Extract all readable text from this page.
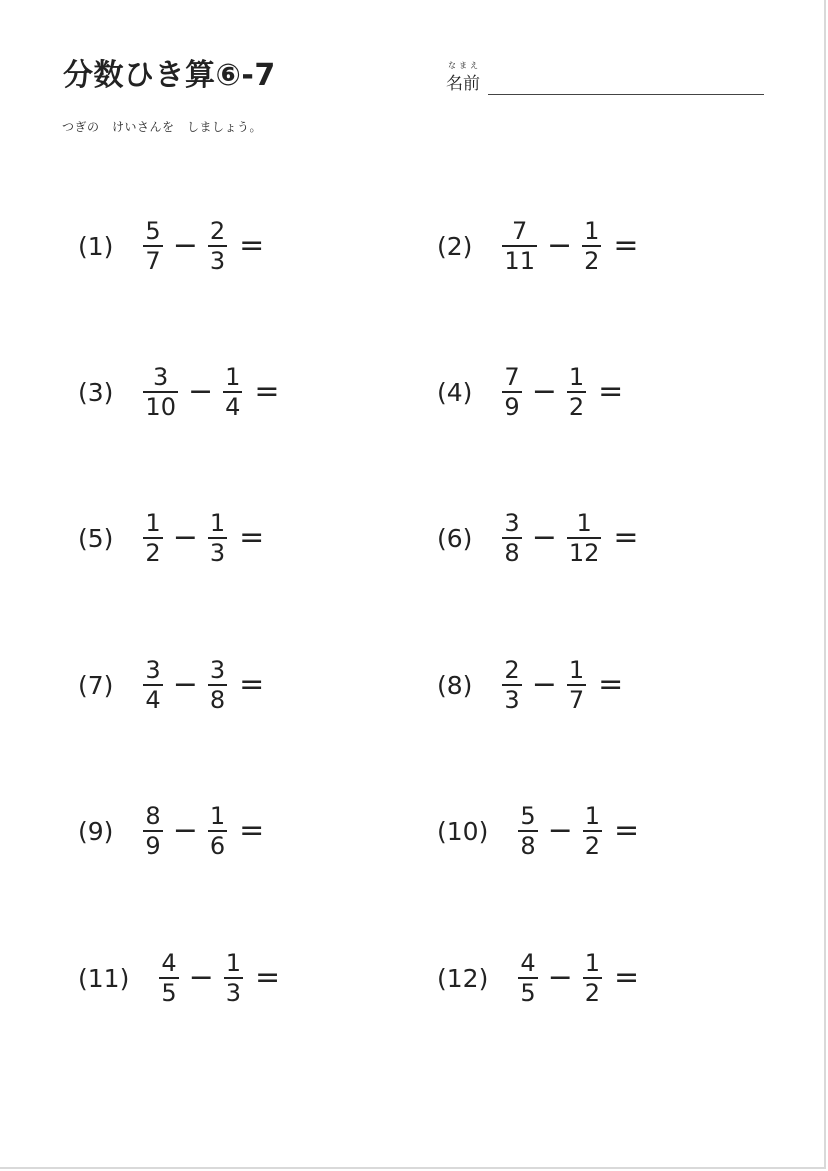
分数ひき算⑥-7	なまえ
名前
つぎの　けいさんを　しましょう。
$(1) \frac{5}{7} - \frac{2}{3}$ =	$(2) \frac{7}{11} - \frac{1}{2}$ =
$(3) \frac{3}{10} - \frac{1}{4}$ =	$(4) \frac{7}{9} - \frac{1}{2}$ =
$(5) \frac{1}{2} - \frac{1}{3}$ =	$(6) \frac{3}{8} - \frac{1}{12}$ =
$(7) \frac{3}{4} - \frac{3}{8}$ =	$(8) \frac{2}{3} - \frac{1}{7}$ =
$(9) \frac{8}{9} - \frac{1}{6}$ =	$(10) \frac{5}{8} - \frac{1}{2}$ =
$(11) \frac{4}{5} - \frac{1}{3}$ =	$(12) \frac{4}{5} - \frac{1}{2}$ =
